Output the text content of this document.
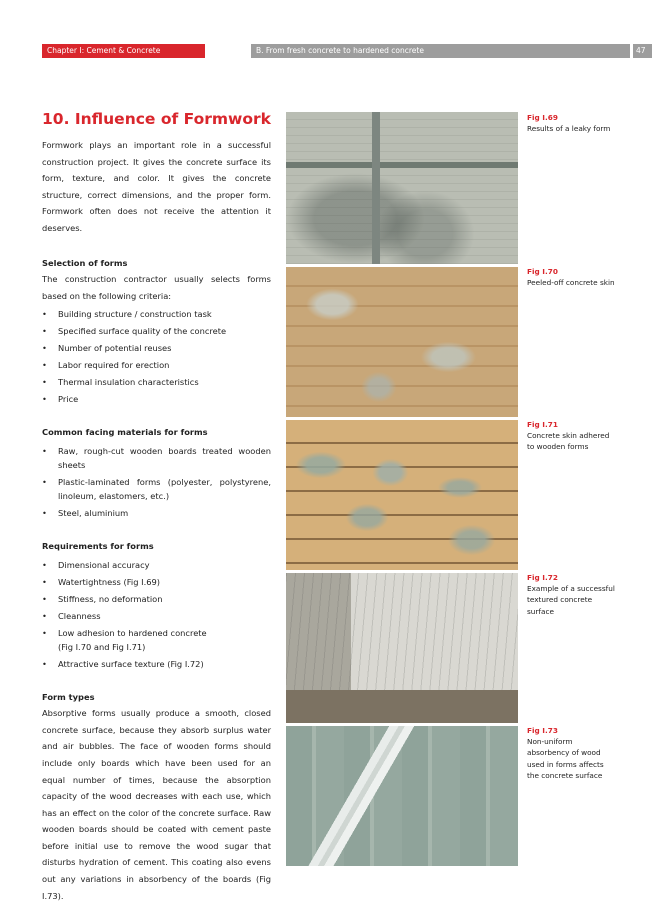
Chapter I: Cement & Concrete	B. From fresh concrete to hardened concrete	47
10. Influence of Formwork

Formwork plays an important role in a successful construction project. It gives the concrete surface its form, texture, and color. It gives the concrete structure, correct dimensions, and the proper form. Formwork often does not receive the attention it deserves.

Selection of forms

The construction contractor usually selects forms based on the following criteria:

• Building structure / construction task
• Specified surface quality of the concrete
• Number of potential reuses
• Labor required for erection
• Thermal insulation characteristics
• Price
Common facing materials for forms
• Raw, rough-cut wooden boards treated wooden sheets
• Plastic-laminated forms (polyester, polystyrene, linoleum, elastomers, etc.)
• Steel, aluminium
Requirements for forms
• Dimensional accuracy
• Watertightness (Fig I.69)
• Stiffness, no deformation
• Cleanness
• Low adhesion to hardened concrete
(Fig I.70 and Fig I.71)
• Attractive surface texture (Fig I.72)
Form types

Absorptive forms usually produce a smooth, closed concrete surface, because they absorb surplus water and air bubbles. The face of wooden forms should include only boards which have been used for an equal number of times, because the absorption capacity of the wood decreases with each use, which has an effect on the color of the concrete surface. Raw wooden boards should be coated with cement paste before initial use to remove the wood sugar that disturbs hydration of cement. This coating also evens out any variations in absorbency of the boards (Fig I.73).

Fig I.69
Results of a leaky form
Fig I.70
Peeled-off concrete skin
Fig I.71
Concrete skin adhered to wooden forms
Fig I.72
Example of a successful textured concrete surface
Fig I.73
Non-uniform absorbency of wood used in forms affects the concrete surface
